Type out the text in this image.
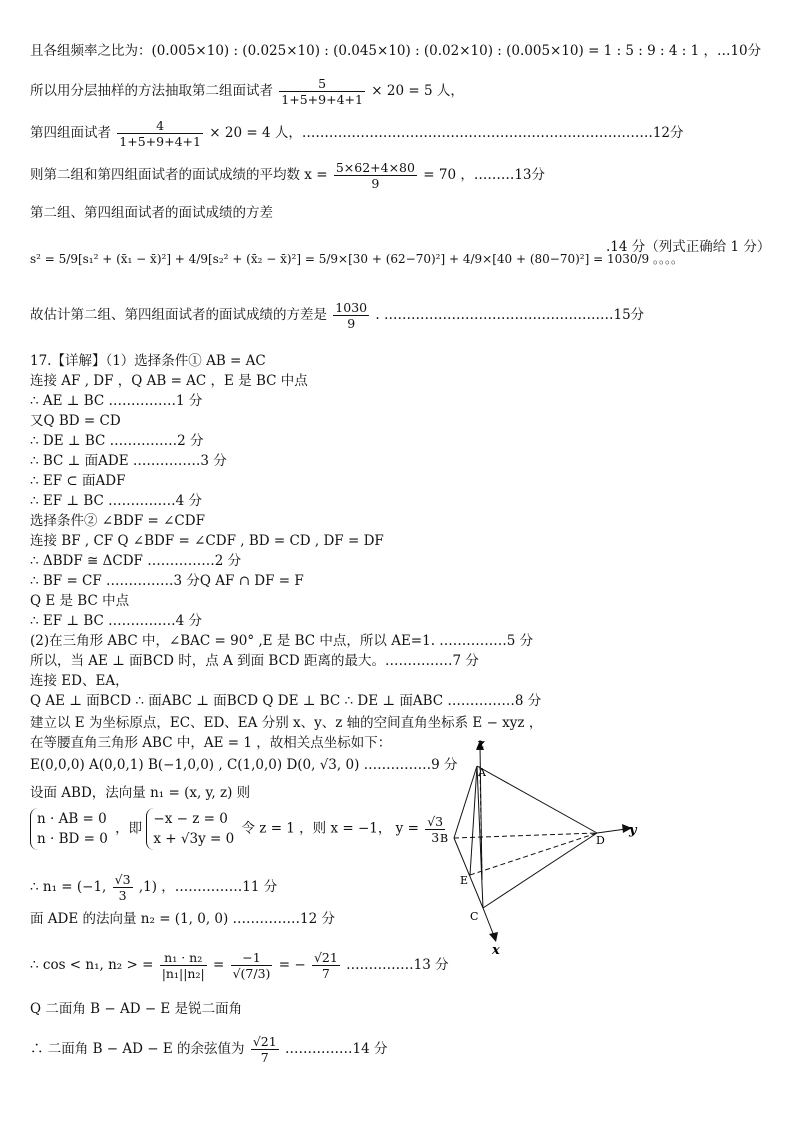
且各组频率之比为：(0.005×10) : (0.025×10) : (0.045×10) : (0.02×10) : (0.005×10) = 1 : 5 : 9 : 4 : 1 ，…10分
所以用分层抽样的方法抽取第二组面试者 $\frac{5}{1+5+9+4+1} \times 20 = 5$ 人，
第四组面试者 $\frac{4}{1+5+9+4+1} \times 20 = 4$ 人，……………………………………………………………………12分
则第二组和第四组面试者的面试成绩的平均数 $x = \frac{5\times 62+4\times 80}{9} = 70$ ，………13分
第二组、第四组面试者的面试成绩的方差
s² = 5/9[s₁² + (x̄₁ − x̄)²] + 4/9[s₂² + (x̄₂ − x̄)²] = 5/9×[30 + (62−70)²] + 4/9×[40 + (80−70)²] = 1030/9 。。。。
.14 分（列式正确给 1 分）
故估计第二组、第四组面试者的面试成绩的方差是 $\frac{1030}{9}$ . ……………………………………………15分
17.【详解】（1）选择条件① AB = AC
连接 AF , DF ，Q AB = AC ，E 是 BC 中点
∴ AE ⊥ BC ……………1 分
又Q BD = CD
∴ DE ⊥ BC ……………2 分
∴ BC ⊥ 面ADE ……………3 分
∴ EF ⊂ 面ADF
∴ EF ⊥ BC ……………4 分
选择条件② ∠BDF = ∠CDF
连接 BF , CF Q ∠BDF = ∠CDF , BD = CD , DF = DF
∴ ΔBDF ≅ ΔCDF ……………2 分
∴ BF = CF ……………3 分Q AF ∩ DF = F
Q E 是 BC 中点
∴ EF ⊥ BC ……………4 分
(2)在三角形 ABC 中，∠BAC = 90° ,E 是 BC 中点，所以 AE=1. ……………5 分
所以，当 AE ⊥ 面BCD 时，点 A 到面 BCD 距离的最大。……………7 分
连接 ED、EA，
Q AE ⊥ 面BCD ∴ 面ABC ⊥ 面BCD Q DE ⊥ BC ∴ DE ⊥ 面ABC ……………8 分
建立以 E 为坐标原点，EC、ED、EA 分别 x、y、z 轴的空间直角坐标系 E − xyz ，
在等腰直角三角形 ABC 中，AE = 1 ，故相关点坐标如下：
E(0,0,0) A(0,0,1) B(−1,0,0) , C(1,0,0) D(0, √3, 0) ……………9 分
设面 ABD，法向量 n₁ = (x, y, z) 则
n · AB = 0
n · BD = 0
，即
−x − z = 0
x + √3y = 0
令 z = 1 ，则 x = −1， $y = \frac{√3}{3}$
∴ n₁ = (−1, $\frac{√3}{3} ,1$) ，……………11 分
面 ADE 的法向量 n₂ = (1, 0, 0) ……………12 分
∴ cos < n₁, n₂ > = $\frac{\text{n₁ · n₂}}{\text{|n₁||n₂|}} = \frac{-1}{√(7/3)}$ = − $\frac{√21}{7}$ ……………13 分
Q 二面角 B − AD − E 是锐二面角
∴ 二面角 B − AD − E 的余弦值为 $\frac{√21}{7}$ ……………14 分
z
y
x
A
B
C
D
E
